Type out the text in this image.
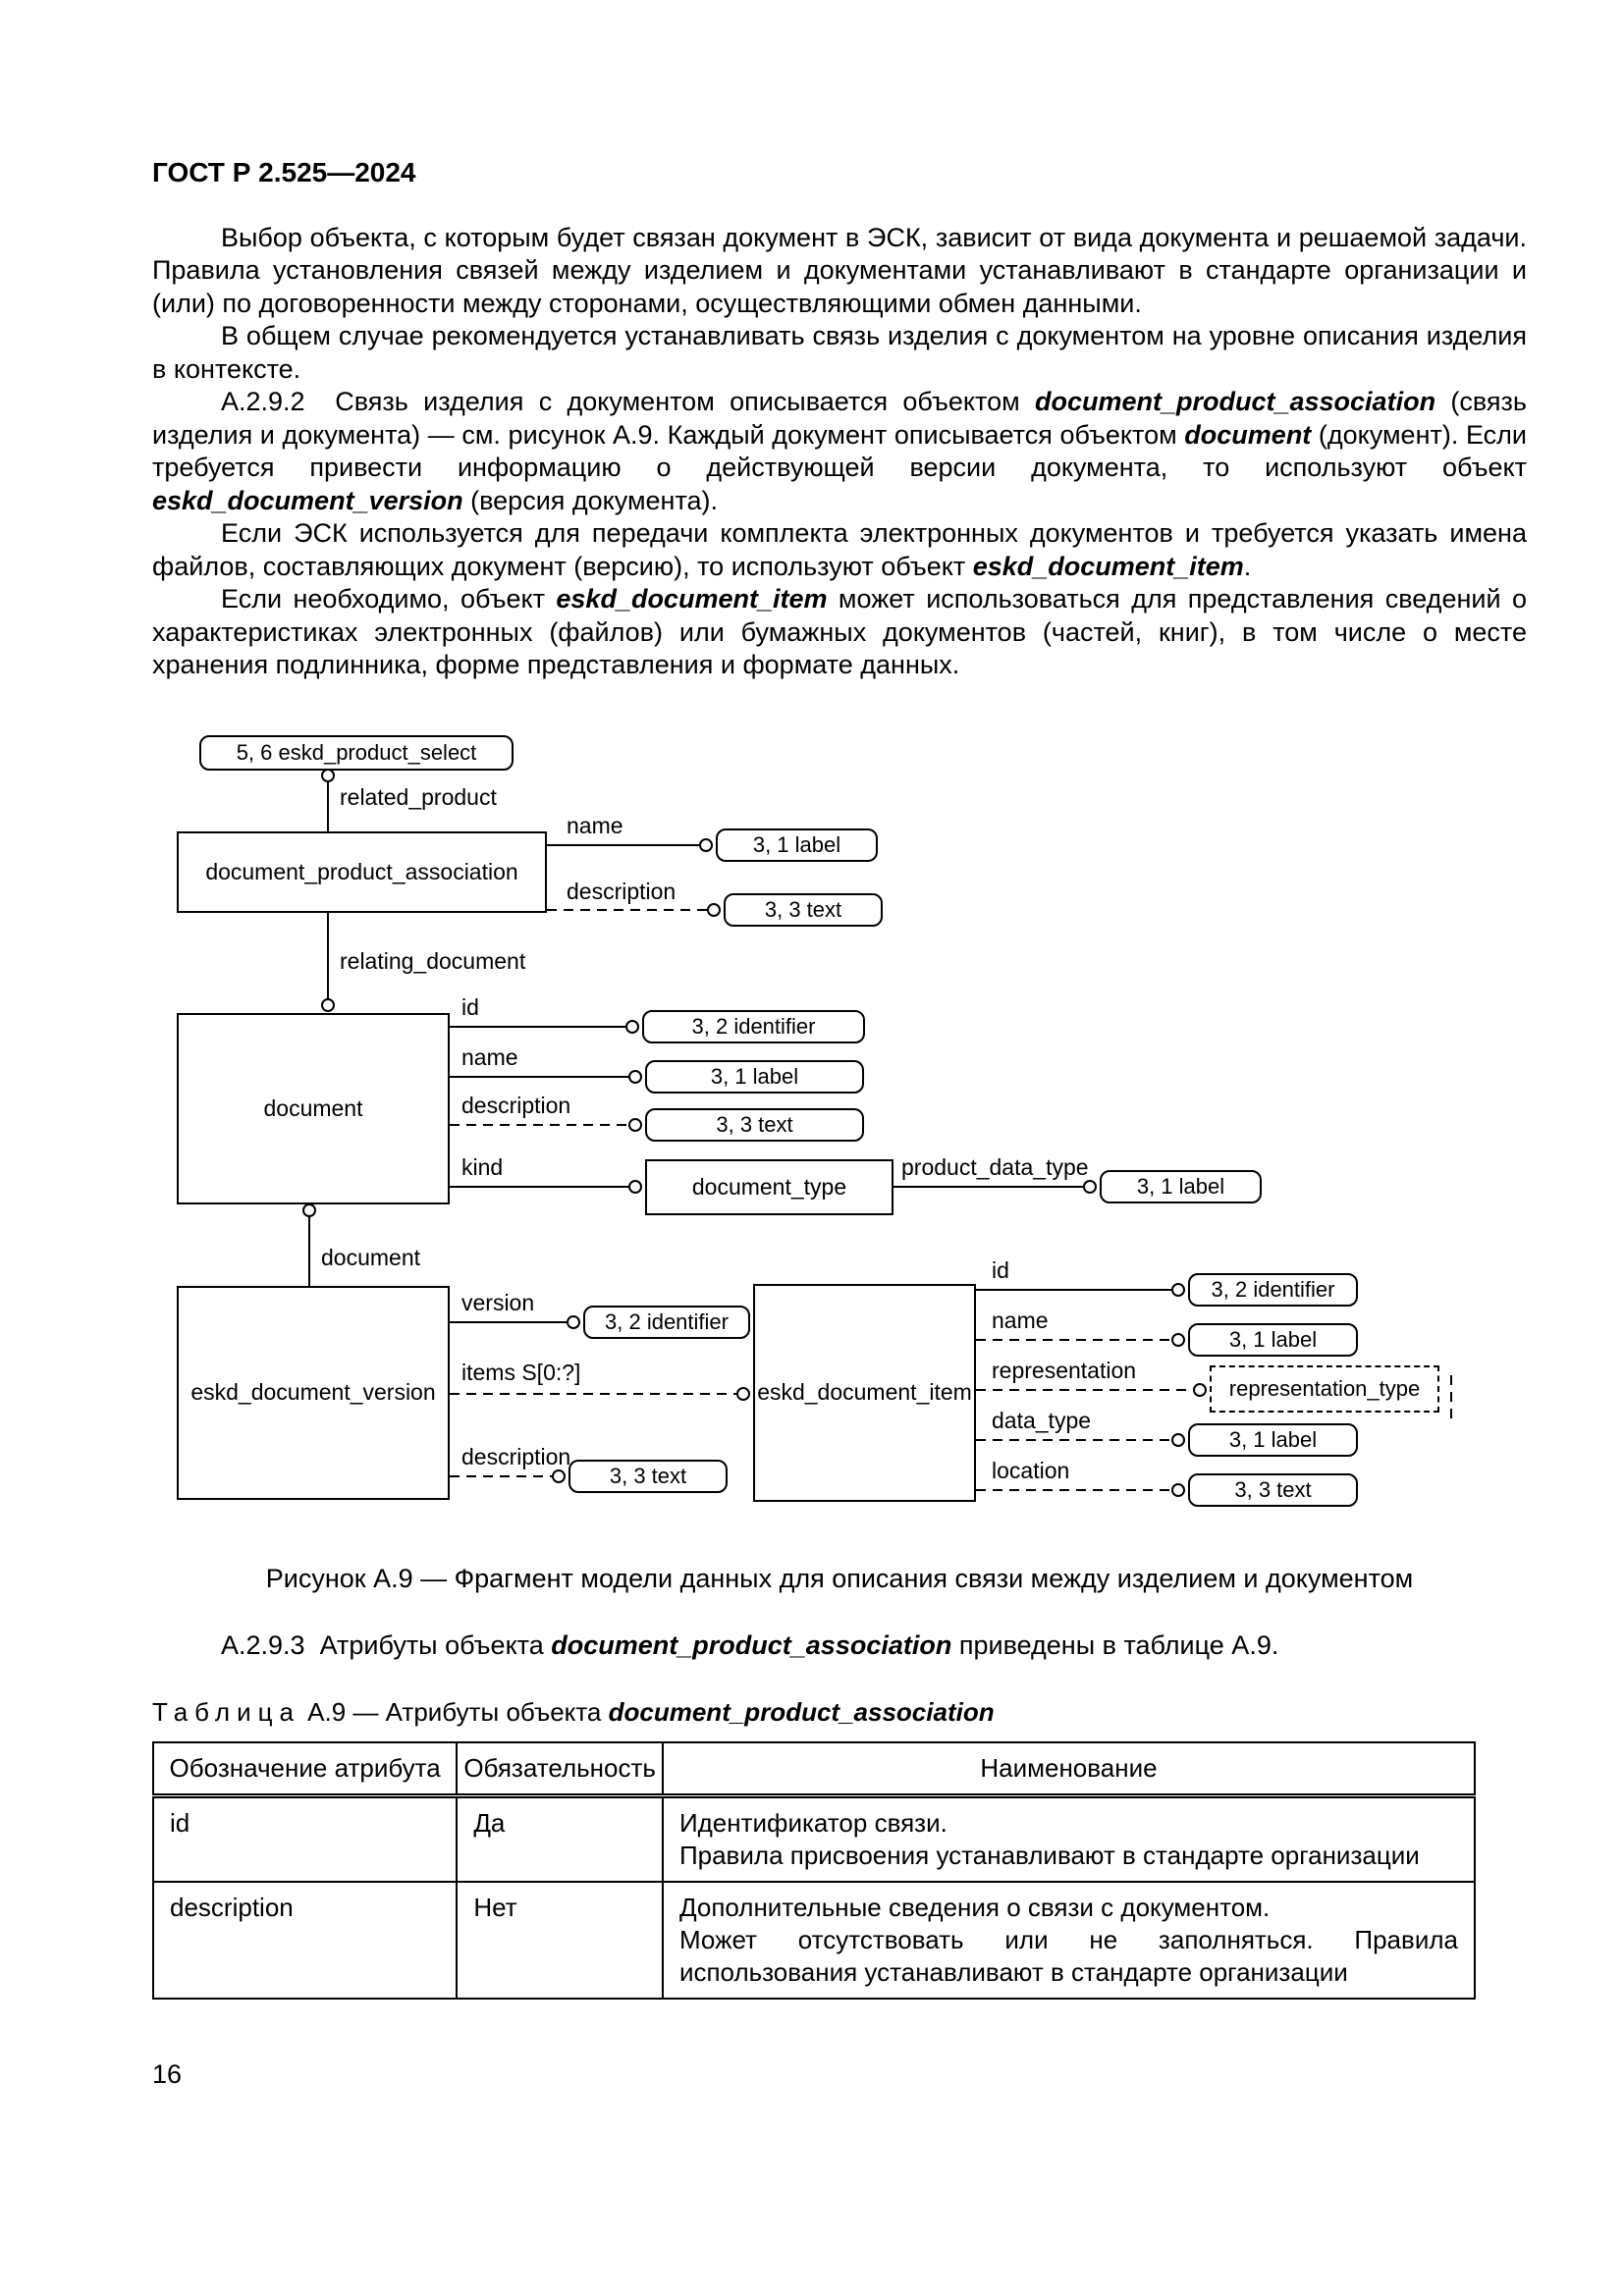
ГОСТ Р 2.525—2024

Выбор объекта, с которым будет связан документ в ЭСК, зависит от вида документа и решаемой задачи. Правила установления связей между изделием и документами устанавливают в стандарте организации и (или) по договоренности между сторонами, осуществляющими обмен данными.

В общем случае рекомендуется устанавливать связь изделия с документом на уровне описания изделия в контексте.

А.2.9.2  Связь изделия с документом описывается объектом document_product_association (связь изделия и документа) — см. рисунок А.9. Каждый документ описывается объектом document (документ). Если требуется привести информацию о действующей версии документа, то используют объект eskd_document_version (версия документа).

Если ЭСК используется для передачи комплекта электронных документов и требуется указать имена файлов, составляющих документ (версию), то используют объект eskd_document_item.

Если необходимо, объект eskd_document_item может использоваться для представления сведений о характеристиках электронных (файлов) или бумажных документов (частей, книг), в том числе о месте хранения подлинника, форме представления и формате данных.

5, 6 eskd_product_select
document_product_association
3, 1 label
3, 3 text
document
3, 2 identifier
3, 1 label
3, 3 text
document_type	3, 1 label
eskd_document_version
3, 2 identifier
3, 3 text
eskd_document_item
3, 2 identifier
3, 1 label
representation_type
3, 1 label
3, 3 text
related_product
relating_document
name
description
id
name
description
kind	product_data_type
document
version
items S[0:?]
description
id
name
representation
data_type
location
Рисунок А.9 — Фрагмент модели данных для описания связи между изделием и документом

А.2.9.3  Атрибуты объекта document_product_association приведены в таблице А.9.

Таблица А.9 — Атрибуты объекта document_product_association
Обозначение атрибута	Обязательность	Наименование
id	Да	Идентификатор связи.
Правила присвоения устанавливают в стандарте организации

description	Нет	Дополнительные сведения о связи с документом.
Может отсутствовать или не заполняться. Правила использования устанавливают в стандарте организации
16
